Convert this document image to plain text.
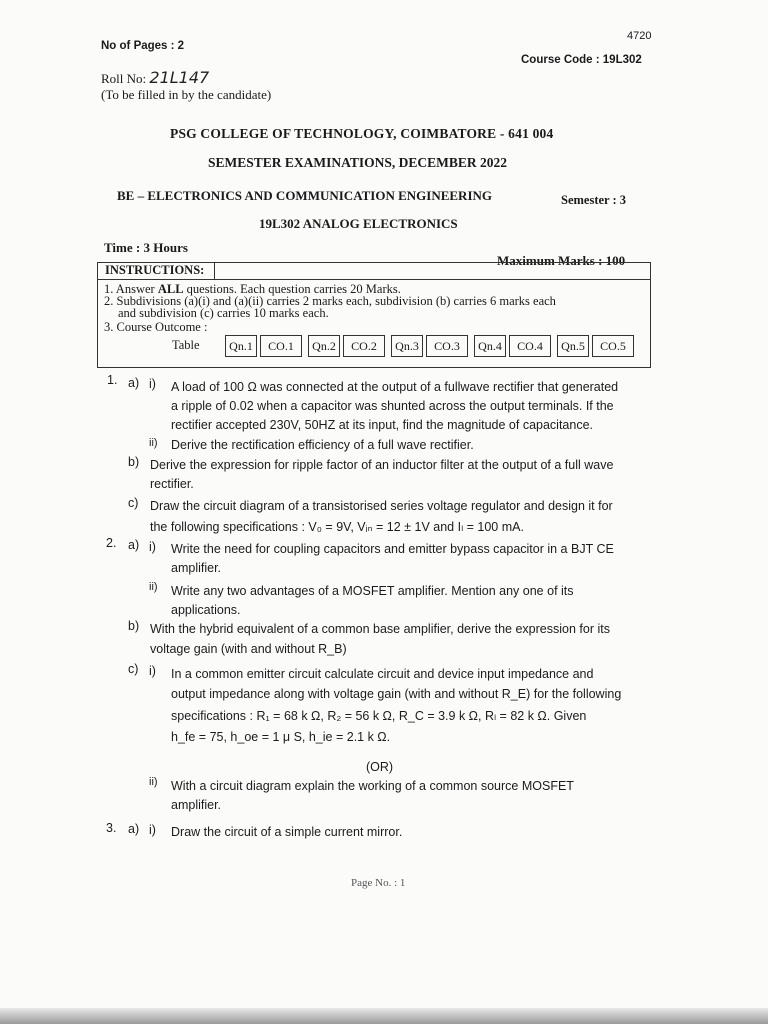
4720
No of Pages : 2
Course Code : 19L302
Roll No: 21L147
(To be filled in by the candidate)
PSG COLLEGE OF TECHNOLOGY, COIMBATORE - 641 004
SEMESTER EXAMINATIONS, DECEMBER 2022
BE – ELECTRONICS AND COMMUNICATION ENGINEERING	Semester : 3
19L302 ANALOG ELECTRONICS
Time : 3 Hours
Maximum Marks : 100
INSTRUCTIONS:
1. Answer ALL questions. Each question carries 20 Marks.
2. Subdivisions (a)(i) and (a)(ii) carries 2 marks each, subdivision (b) carries 6 marks each
and subdivision (c) carries 10 marks each.
3. Course Outcome :
Table	Qn.1	CO.1	Qn.2	CO.2	Qn.3	CO.3	Qn.4	CO.4	Qn.5	CO.5
1. a) i) A load of 100 Ω was connected at the output of a fullwave rectifier that generated
a ripple of 0.02 when a capacitor was shunted across the output terminals. If the
rectifier accepted 230V, 50HZ at its input, find the magnitude of capacitance.
ii) Derive the rectification efficiency of a full wave rectifier.
b) Derive the expression for ripple factor of an inductor filter at the output of a full wave
rectifier.
c) Draw the circuit diagram of a transistorised series voltage regulator and design it for
the following specifications : V₀ = 9V, Vᵢₙ = 12 ± 1V and Iₗ = 100 mA.
2. a) i) Write the need for coupling capacitors and emitter bypass capacitor in a BJT CE
amplifier.
ii) Write any two advantages of a MOSFET amplifier. Mention any one of its
applications.
b) With the hybrid equivalent of a common base amplifier, derive the expression for its
voltage gain (with and without R_B)
c) i) In a common emitter circuit calculate circuit and device input impedance and
output impedance along with voltage gain (with and without R_E) for the following
specifications : R₁ = 68 k Ω, R₂ = 56 k Ω, R_C = 3.9 k Ω, Rₗ = 82 k Ω. Given
h_fe = 75, h_oe = 1 μ S, h_ie = 2.1 k Ω.
(OR)
ii) With a circuit diagram explain the working of a common source MOSFET
amplifier.
3. a) i) Draw the circuit of a simple current mirror.
Page No. : 1
